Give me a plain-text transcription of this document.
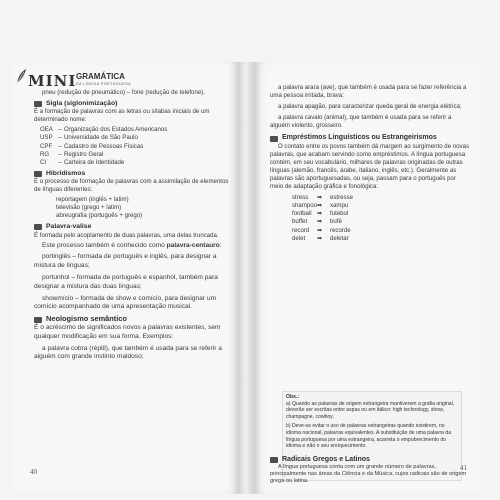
MINI GRAMÁTICA
DA LÍNGUA PORTUGUESA

pneu (redução de pneumático) – fone (redução de telefone).

Sigla (siglonimização)

É a formação de palavras com as letras ou sílabas iniciais de um determinado nome:

OEA – Organização dos Estados Americanos
USP – Universidade de São Paulo
CPF – Cadastro de Pessoas Físicas
RG	– Registro Geral
CI	– Carteira de Identidade
Hibridismos

É o processo de formação de palavras com a assimilação de elementos de línguas diferentes:

reportagem (inglês + latim)
televisão (grego + latim)
abreugrafia (português + grego)
Palavra-valise

É formada pelo acoplamento de duas palavras, uma delas truncada.

Este processo também é conhecido como palavra-centauro:

portinglês – formada de português e inglês, para designar a mistura de línguas;

portunhol – formada de português e espanhol, também para designar a mistura das duas línguas;

showmício – formada de show e comício, para designar um comício acompanhado de uma apresentação musical.

Neologismo semântico

É o acréscimo de significados novos a palavras existentes, sem qualquer modificação em sua forma. Exemplos:

a palavra cobra (réptil), que também é usada para se referir a alguém com grande instinto maldoso;

40

a palavra arara (ave), que também é usada para se fazer referência a uma pessoa irritada, brava;

a palavra apagão, para caracterizar queda geral de energia elétrica;

a palavra cavalo (animal), que também é usada para se referir a alguém violento, grosseiro.

Empréstimos Linguísticos ou Estrangeirismos

O contato entre os povos também dá margem ao surgimento de novas palavras, que acabam servindo como empréstimos. A língua portuguesa contém, em seu vocabulário, milhares de palavras originadas de outras línguas (alemão, francês, árabe, italiano, inglês, etc.). Geralmente as palavras são aportuguesadas, ou seja, passam para o português por meio de adaptação gráfica e fonológica:

stress	➡	estresse
shampoo ➡	xampu
football ➡	futebol
buffet	➡	bufê
record	➡	recorde
delet	➡	deletar
Obs.:
a) Quando as palavras de origem estrangeira mantiverem a grafia original, deverão ser escritas entre aspas ou em itálico: high technology, show, champagne, cowboy.
b) Deve-se evitar o uso de palavras estrangeiras quando existirem, no idioma nacional, palavras equivalentes. A substituição de uma palavra da língua portuguesa por uma estrangeira, acarreta o empobrecimento do idioma e não o seu enriquecimento.
Radicais Gregos e Latinos

A língua portuguesa conta com um grande número de palavras, principalmente nas áreas da Ciência e da Música, cujos radicais são de origem grega ou latina.

41
